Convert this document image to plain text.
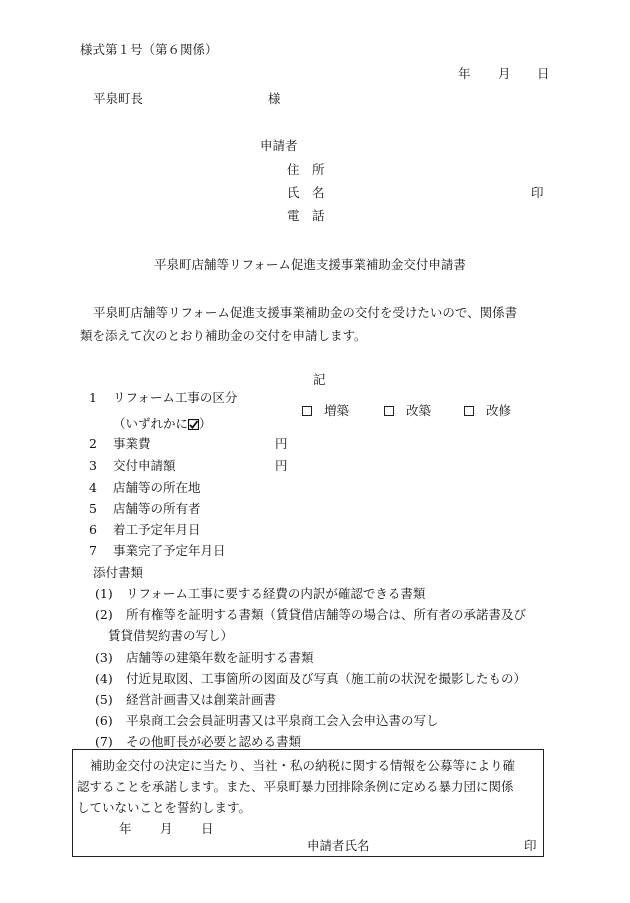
様式第１号（第６関係）
年 月 日
平泉町長	様
申請者
住　所
氏　名	印
電　話
平泉町店舗等リフォーム促進支援事業補助金交付申請書
平泉町店舗等リフォーム促進支援事業補助金の交付を受けたいので、関係書
類を添えて次のとおり補助金の交付を申請します。
記
1 リフォーム工事の区分
（いずれかに ）
増築	改築	改修
2 事業費	円
3 交付申請額	円
4 店舗等の所在地
5 店舗等の所有者
6 着工予定年月日
7 事業完了予定年月日
添付書類
(1) リフォーム工事に要する経費の内訳が確認できる書類
(2) 所有権等を証明する書類（賃貸借店舗等の場合は、所有者の承諾書及び
賃貸借契約書の写し）
(3) 店舗等の建築年数を証明する書類
(4) 付近見取図、工事箇所の図面及び写真（施工前の状況を撮影したもの）
(5) 経営計画書又は創業計画書
(6) 平泉商工会会員証明書又は平泉商工会入会申込書の写し
(7) その他町長が必要と認める書類
補助金交付の決定に当たり、当社・私の納税に関する情報を公募等により確
認することを承諾します。また、平泉町暴力団排除条例に定める暴力団に関係
していないことを誓約します。
年 月 日
申請者氏名	印
